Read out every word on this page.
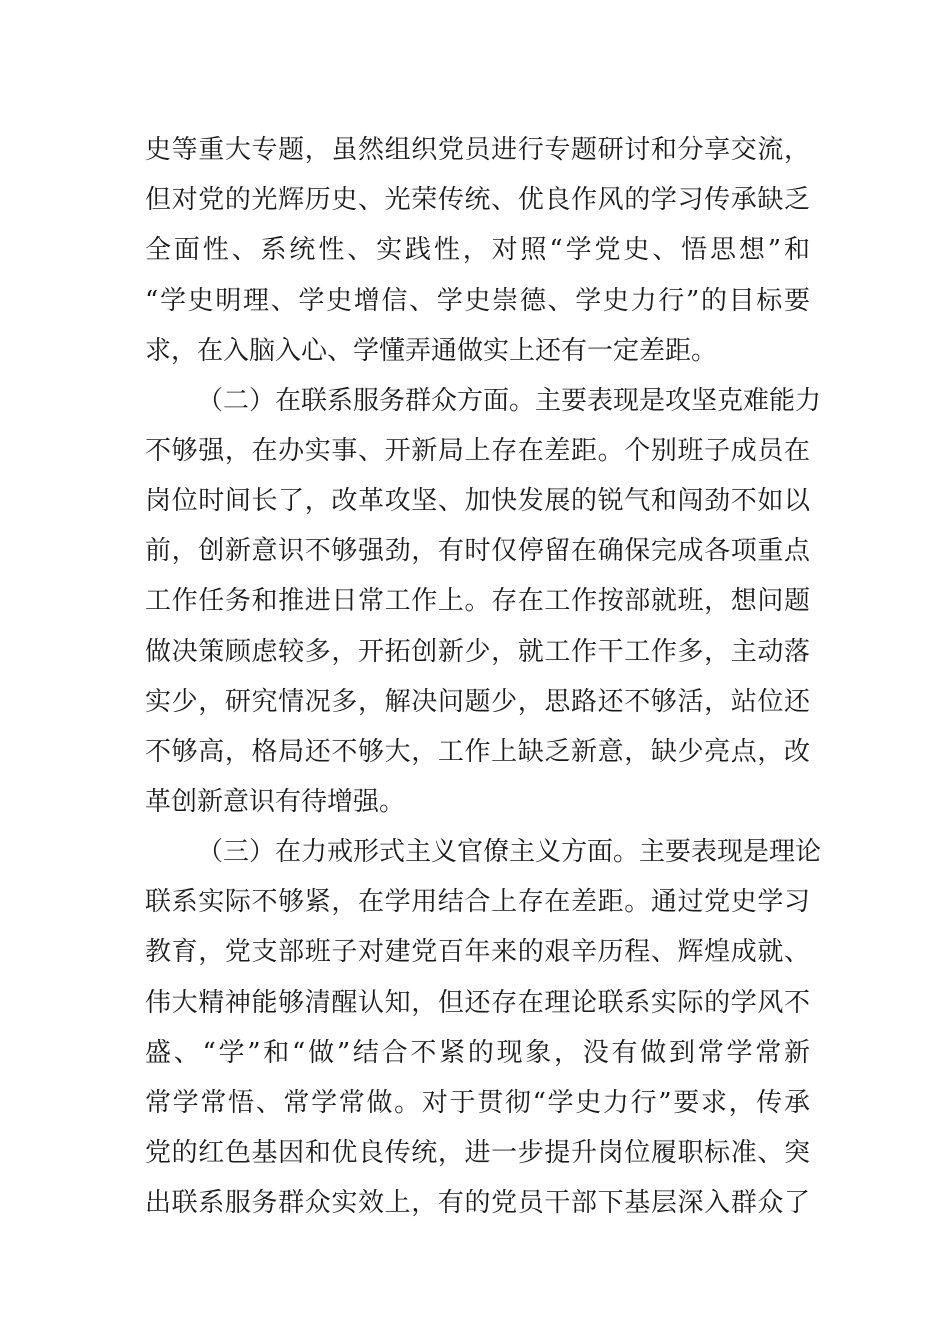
史等重大专题，虽然组织党员进行专题研讨和分享交流，
但对党的光辉历史、光荣传统、优良作风的学习传承缺乏
全面性、系统性、实践性，对照“学党史、悟思想”和
“学史明理、学史增信、学史崇德、学史力行”的目标要
求，在入脑入心、学懂弄通做实上还有一定差距。
（二）在联系服务群众方面。主要表现是攻坚克难能力
不够强，在办实事、开新局上存在差距。个别班子成员在
岗位时间长了，改革攻坚、加快发展的锐气和闯劲不如以
前，创新意识不够强劲，有时仅停留在确保完成各项重点
工作任务和推进日常工作上。存在工作按部就班，想问题
做决策顾虑较多，开拓创新少，就工作干工作多，主动落
实少，研究情况多，解决问题少，思路还不够活，站位还
不够高，格局还不够大，工作上缺乏新意，缺少亮点，改
革创新意识有待增强。
（三）在力戒形式主义官僚主义方面。主要表现是理论
联系实际不够紧，在学用结合上存在差距。通过党史学习
教育，党支部班子对建党百年来的艰辛历程、辉煌成就、
伟大精神能够清醒认知，但还存在理论联系实际的学风不
盛、“学”和“做”结合不紧的现象，没有做到常学常新
常学常悟、常学常做。对于贯彻“学史力行”要求，传承
党的红色基因和优良传统，进一步提升岗位履职标准、突
出联系服务群众实效上，有的党员干部下基层深入群众了
